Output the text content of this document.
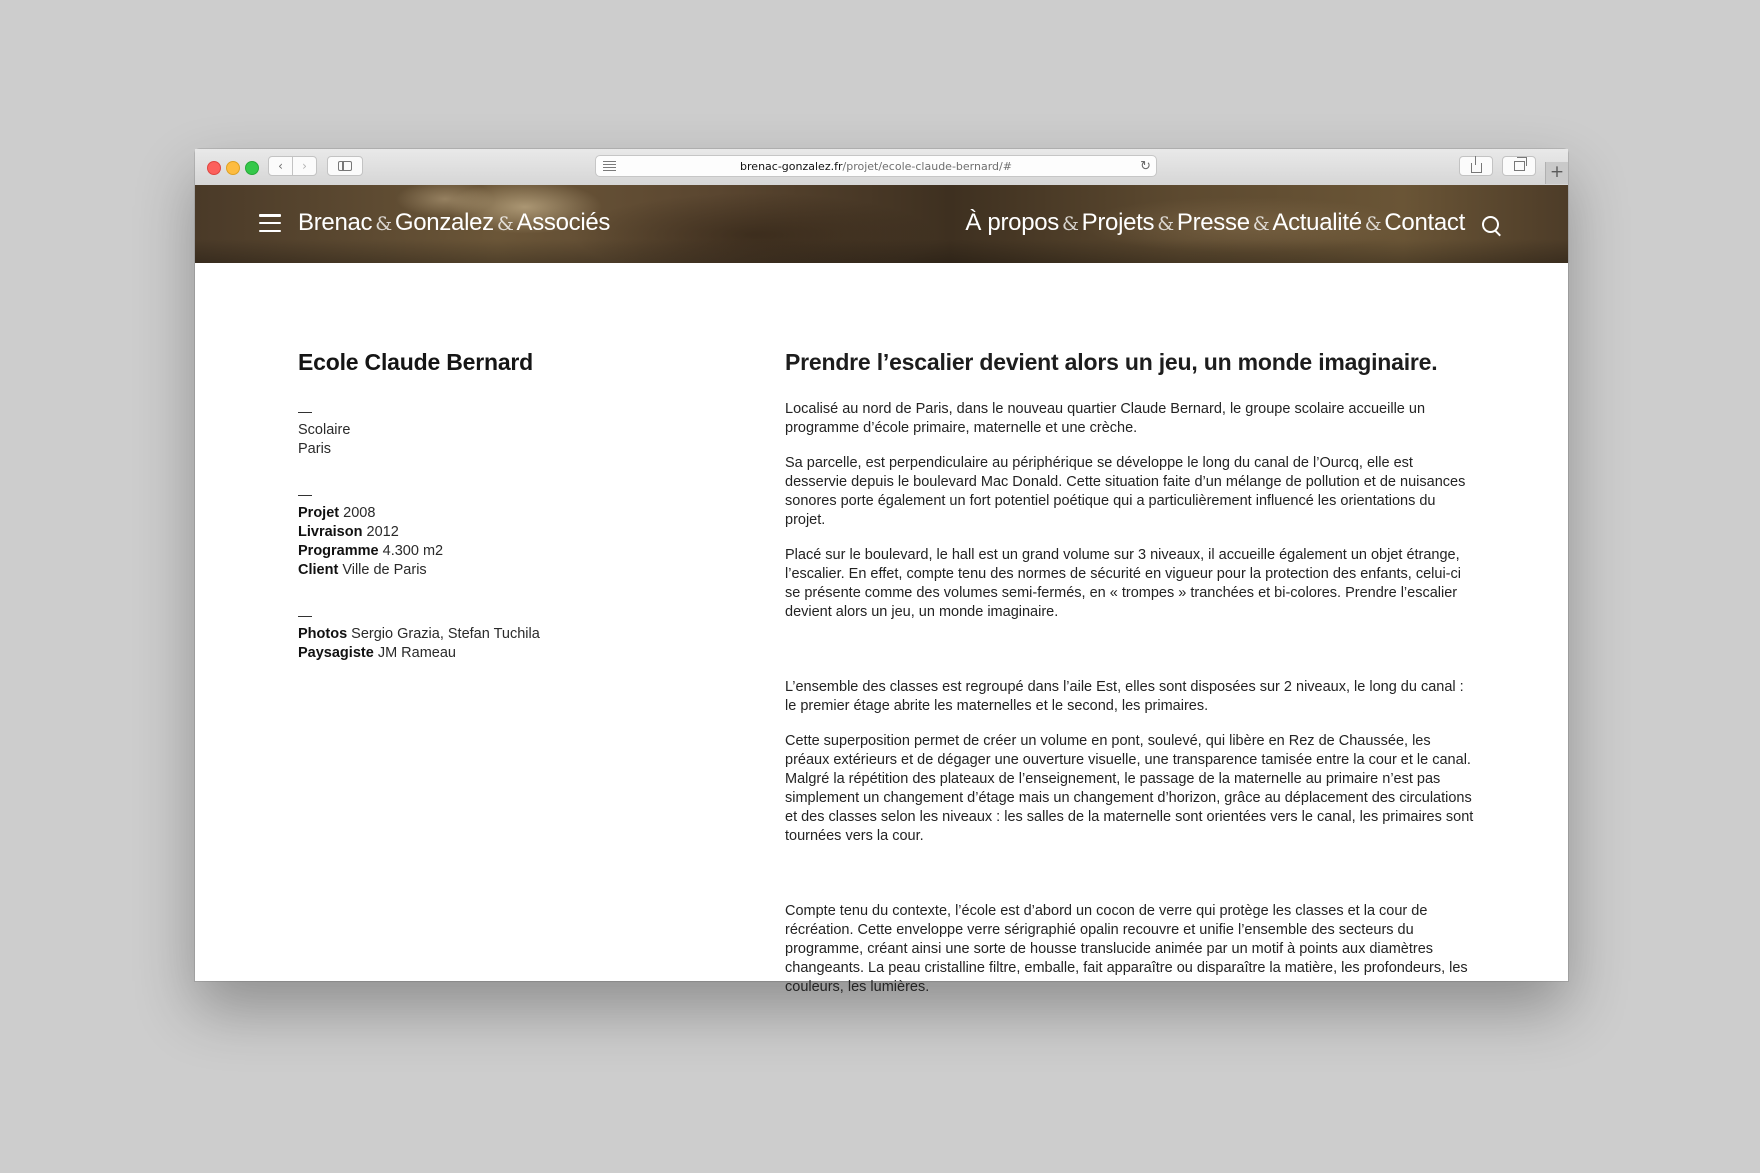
‹ ›	brenac-gonzalez.fr/projet/ecole-claude-bernard/#	↻	+
Brenac & Gonzalez & Associés	À propos & Projets & Presse & Actualité & Contact
Ecole Claude Bernard
—
Scolaire
Paris
—
Projet 2008
Livraison 2012
Programme 4.300 m2
Client Ville de Paris
—
Photos Sergio Grazia, Stefan Tuchila
Paysagiste JM Rameau
Prendre l’escalier devient alors un jeu, un monde imaginaire.

Localisé au nord de Paris, dans le nouveau quartier Claude Bernard, le groupe scolaire accueille un programme d’école primaire, maternelle et une crèche.

Sa parcelle, est perpendiculaire au périphérique se développe le long du canal de l’Ourcq, elle est desservie depuis le boulevard Mac Donald. Cette situation faite d’un mélange de pollution et de nuisances sonores porte également un fort potentiel poétique qui a particulièrement influencé les orientations du projet.

Placé sur le boulevard, le hall est un grand volume sur 3 niveaux, il accueille également un objet étrange, l’escalier. En effet, compte tenu des normes de sécurité en vigueur pour la protection des enfants, celui-ci se présente comme des volumes semi-fermés, en « trompes » tranchées et bi-colores. Prendre l’escalier devient alors un jeu, un monde imaginaire.

L’ensemble des classes est regroupé dans l’aile Est, elles sont disposées sur 2 niveaux, le long du canal : le premier étage abrite les maternelles et le second, les primaires.

Cette superposition permet de créer un volume en pont, soulevé, qui libère en Rez de Chaussée, les préaux extérieurs et de dégager une ouverture visuelle, une transparence tamisée entre la cour et le canal. Malgré la répétition des plateaux de l’enseignement, le passage de la maternelle au primaire n’est pas simplement un changement d’étage mais un changement d’horizon, grâce au déplacement des circulations et des classes selon les niveaux : les salles de la maternelle sont orientées vers le canal, les primaires sont tournées vers la cour.

Compte tenu du contexte, l’école est d’abord un cocon de verre qui protège les classes et la cour de récréation. Cette enveloppe verre sérigraphié opalin recouvre et unifie l’ensemble des secteurs du programme, créant ainsi une sorte de housse translucide animée par un motif à points aux diamètres changeants. La peau cristalline filtre, emballe, fait apparaître ou disparaître la matière, les profondeurs, les couleurs, les lumières.
